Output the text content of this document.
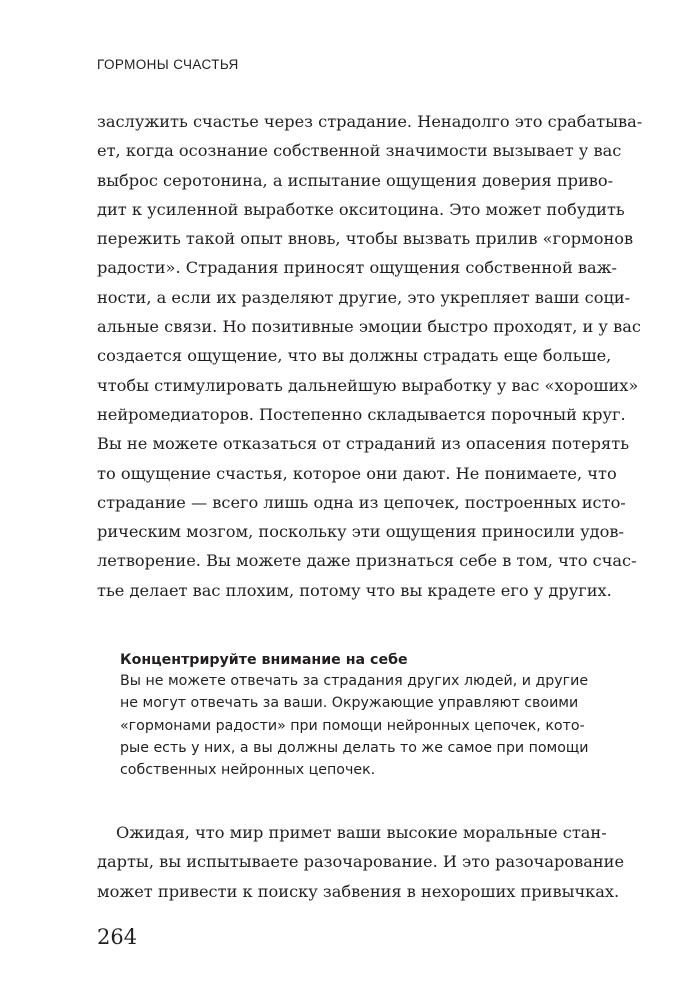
ГОРМОНЫ СЧАСТЬЯ
заслужить счастье через страдание. Ненадолго это срабатыва-
ет, когда осознание собственной значимости вызывает у вас
выброс серотонина, а испытание ощущения доверия приво-
дит к усиленной выработке окситоцина. Это может побудить
пережить такой опыт вновь, чтобы вызвать прилив «гормонов
радости». Страдания приносят ощущения собственной важ-
ности, а если их разделяют другие, это укрепляет ваши соци-
альные связи. Но позитивные эмоции быстро проходят, и у вас
создается ощущение, что вы должны страдать еще больше,
чтобы стимулировать дальнейшую выработку у вас «хороших»
нейромедиаторов. Постепенно складывается порочный круг.
Вы не можете отказаться от страданий из опасения потерять
то ощущение счастья, которое они дают. Не понимаете, что
страдание — всего лишь одна из цепочек, построенных исто-
рическим мозгом, поскольку эти ощущения приносили удов-
летворение. Вы можете даже признаться себе в том, что счас-
тье делает вас плохим, потому что вы крадете его у других.
Концентрируйте внимание на себе
Вы не можете отвечать за страдания других людей, и другие
не могут отвечать за ваши. Окружающие управляют своими
«гормонами радости» при помощи нейронных цепочек, кото-
рые есть у них, а вы должны делать то же самое при помощи
собственных нейронных цепочек.
Ожидая, что мир примет ваши высокие моральные стан-
дарты, вы испытываете разочарование. И это разочарование
может привести к поиску забвения в нехороших привычках.
264
